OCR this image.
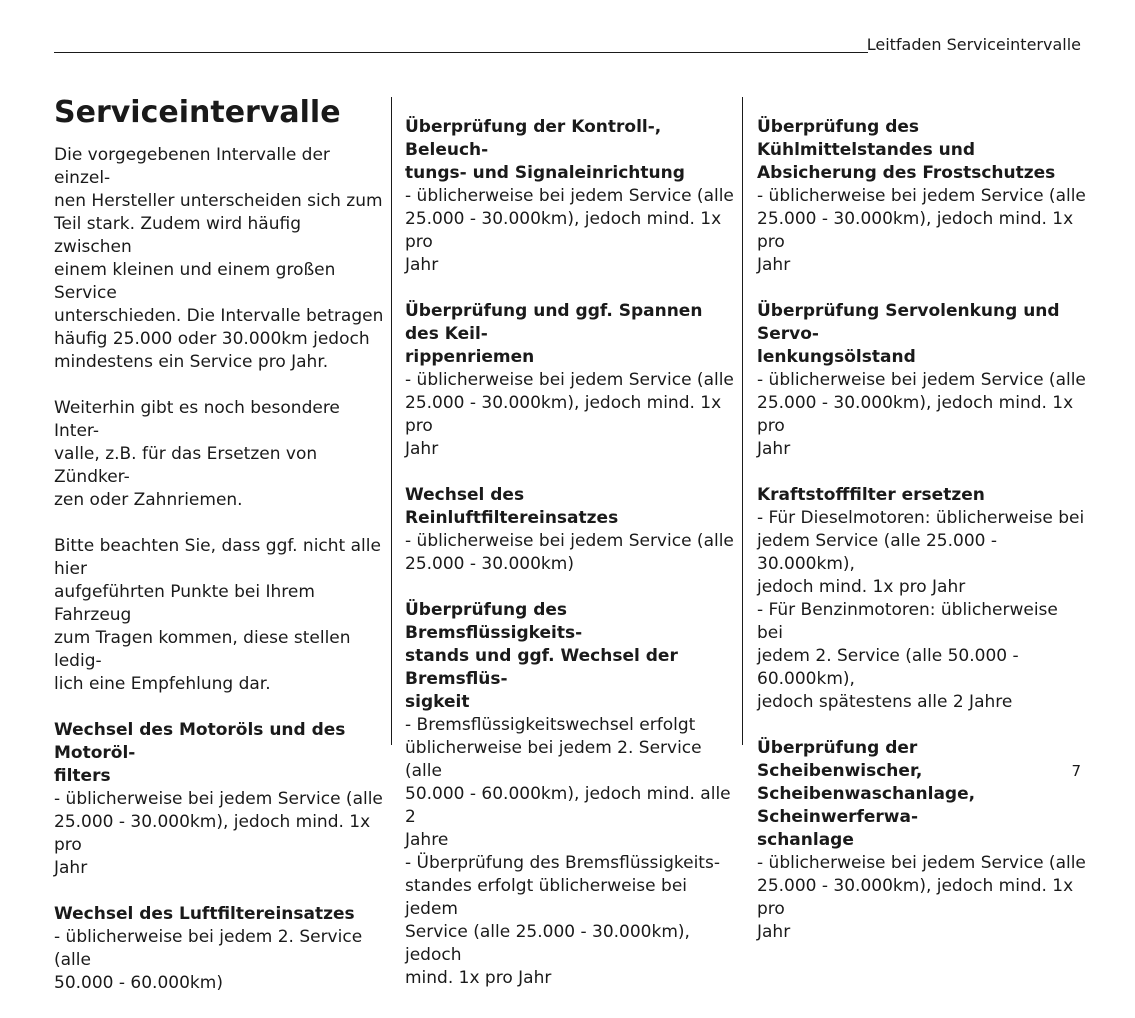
Leitfaden Serviceintervalle
Serviceintervalle

Die vorgegebenen Intervalle der einzel-
nen Hersteller unterscheiden sich zum
Teil stark. Zudem wird häufig zwischen
einem kleinen und einem großen Service
unterschieden. Die Intervalle betragen
häufig 25.000 oder 30.000km jedoch
mindestens ein Service pro Jahr.

Weiterhin gibt es noch besondere Inter-
valle, z.B. für das Ersetzen von Zündker-
zen oder Zahnriemen.

Bitte beachten Sie, dass ggf. nicht alle hier
aufgeführten Punkte bei Ihrem Fahrzeug
zum Tragen kommen, diese stellen ledig-
lich eine Empfehlung dar.

Wechsel des Motoröls und des Motoröl-
filters
- üblicherweise bei jedem Service (alle
25.000 - 30.000km), jedoch mind. 1x pro
Jahr
Wechsel des Luftfiltereinsatzes
- üblicherweise bei jedem 2. Service (alle
50.000 - 60.000km)
Überprüfung der Kontroll-, Beleuch-
tungs- und Signaleinrichtung
- üblicherweise bei jedem Service (alle
25.000 - 30.000km), jedoch mind. 1x pro
Jahr
Überprüfung und ggf. Spannen des Keil-
rippenriemen
- üblicherweise bei jedem Service (alle
25.000 - 30.000km), jedoch mind. 1x pro
Jahr
Wechsel des Reinluftfiltereinsatzes
- üblicherweise bei jedem Service (alle
25.000 - 30.000km)
Überprüfung des Bremsflüssigkeits-
stands und ggf. Wechsel der Bremsflüs-
sigkeit
- Bremsflüssigkeitswechsel erfolgt
üblicherweise bei jedem 2. Service (alle
50.000 - 60.000km), jedoch mind. alle 2
Jahre
- Überprüfung des Bremsflüssigkeits-
standes erfolgt üblicherweise bei jedem
Service (alle 25.000 - 30.000km), jedoch
mind. 1x pro Jahr
Überprüfung des Kühlmittelstandes und
Absicherung des Frostschutzes
- üblicherweise bei jedem Service (alle
25.000 - 30.000km), jedoch mind. 1x pro
Jahr
Überprüfung Servolenkung und Servo-
lenkungsölstand
- üblicherweise bei jedem Service (alle
25.000 - 30.000km), jedoch mind. 1x pro
Jahr
Kraftstofffilter ersetzen
- Für Dieselmotoren: üblicherweise bei
jedem Service (alle 25.000 - 30.000km),
jedoch mind. 1x pro Jahr
- Für Benzinmotoren: üblicherweise bei
jedem 2. Service (alle 50.000 - 60.000km),
jedoch spätestens alle 2 Jahre
Überprüfung der Scheibenwischer,
Scheibenwaschanlage, Scheinwerferwa-
schanlage
- üblicherweise bei jedem Service (alle
25.000 - 30.000km), jedoch mind. 1x pro
Jahr
7
